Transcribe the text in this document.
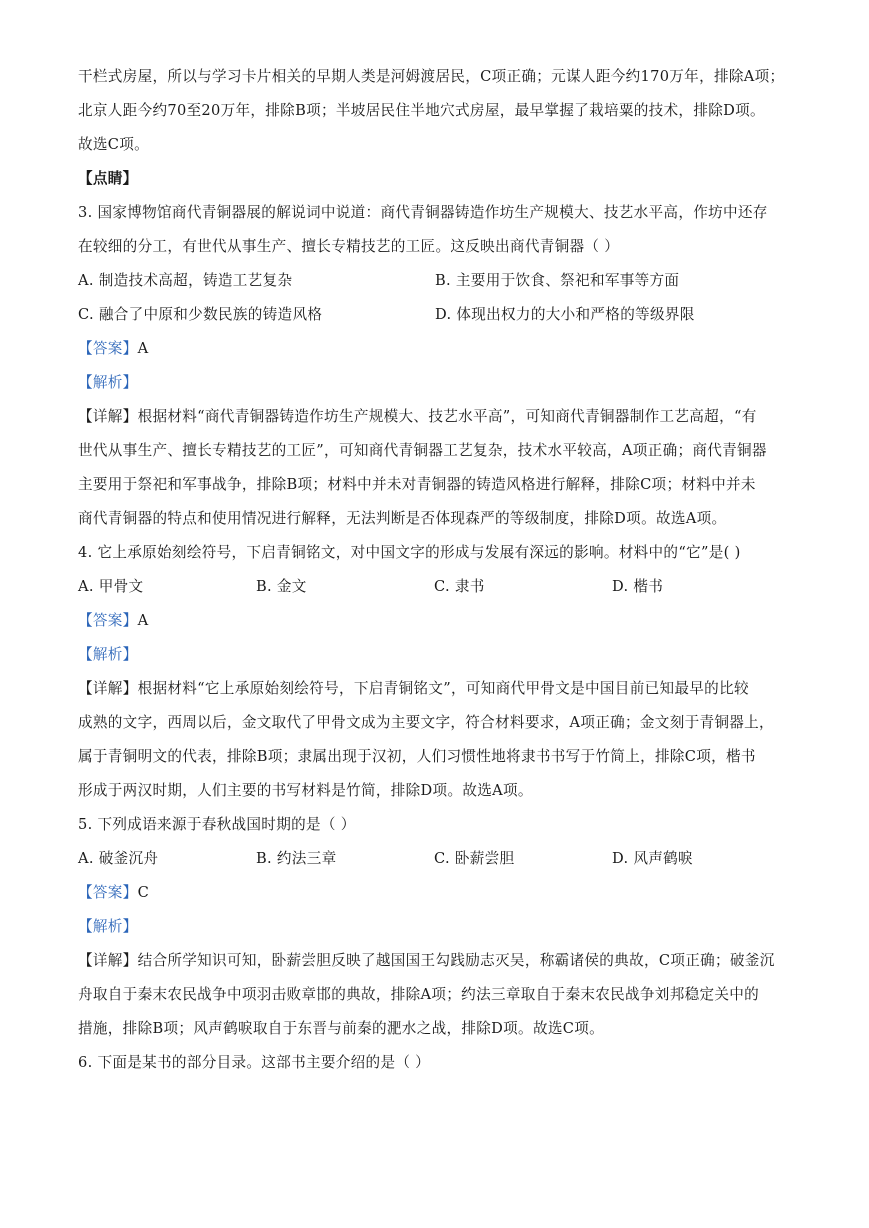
干栏式房屋，所以与学习卡片相关的早期人类是河姆渡居民，C项正确；元谋人距今约170万年，排除A项；
北京人距今约70至20万年，排除B项；半坡居民住半地穴式房屋，最早掌握了栽培粟的技术，排除D项。
故选C项。
【点睛】
3. 国家博物馆商代青铜器展的解说词中说道：商代青铜器铸造作坊生产规模大、技艺水平高，作坊中还存
在较细的分工，有世代从事生产、擅长专精技艺的工匠。这反映出商代青铜器（ ）
A. 制造技术高超，铸造工艺复杂	B. 主要用于饮食、祭祀和军事等方面
C. 融合了中原和少数民族的铸造风格	D. 体现出权力的大小和严格的等级界限
【答案】A
【解析】
【详解】根据材料“商代青铜器铸造作坊生产规模大、技艺水平高”，可知商代青铜器制作工艺高超，“有
世代从事生产、擅长专精技艺的工匠”，可知商代青铜器工艺复杂，技术水平较高，A项正确；商代青铜器
主要用于祭祀和军事战争，排除B项；材料中并未对青铜器的铸造风格进行解释，排除C项；材料中并未
商代青铜器的特点和使用情况进行解释，无法判断是否体现森严的等级制度，排除D项。故选A项。
4. 它上承原始刻绘符号，下启青铜铭文，对中国文字的形成与发展有深远的影响。材料中的“它”是( )
A. 甲骨文	B. 金文	C. 隶书	D. 楷书
【答案】A
【解析】
【详解】根据材料“它上承原始刻绘符号，下启青铜铭文”，可知商代甲骨文是中国目前已知最早的比较
成熟的文字，西周以后，金文取代了甲骨文成为主要文字，符合材料要求，A项正确；金文刻于青铜器上，
属于青铜明文的代表，排除B项；隶属出现于汉初，人们习惯性地将隶书书写于竹简上，排除C项，楷书
形成于两汉时期，人们主要的书写材料是竹简，排除D项。故选A项。
5. 下列成语来源于春秋战国时期的是（ ）
A. 破釜沉舟	B. 约法三章	C. 卧薪尝胆	D. 风声鹤唳
【答案】C
【解析】
【详解】结合所学知识可知，卧薪尝胆反映了越国国王勾践励志灭吴，称霸诸侯的典故，C项正确；破釜沉
舟取自于秦末农民战争中项羽击败章邯的典故，排除A项；约法三章取自于秦末农民战争刘邦稳定关中的
措施，排除B项；风声鹤唳取自于东晋与前秦的淝水之战，排除D项。故选C项。
6. 下面是某书的部分目录。这部书主要介绍的是（ ）
